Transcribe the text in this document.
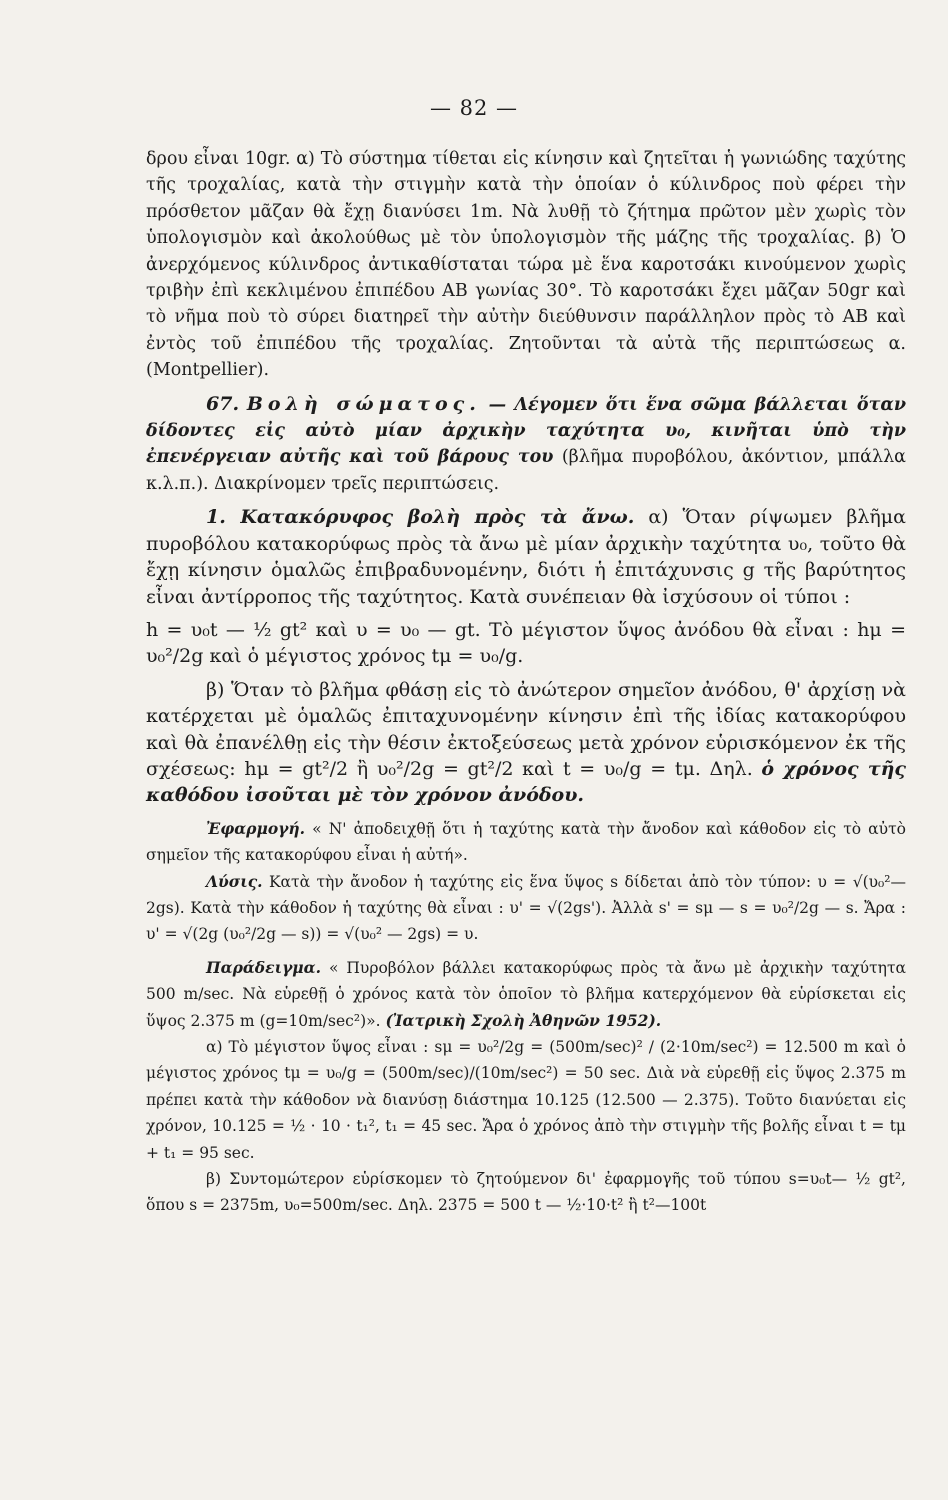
— 82 —

δρου εἶναι 10gr. α) Τὸ σύστημα τίθεται εἰς κίνησιν καὶ ζητεῖται ἡ γωνιώδης ταχύτης τῆς τροχαλίας, κατὰ τὴν στιγμὴν κατὰ τὴν ὁποίαν ὁ κύλινδρος ποὺ φέρει τὴν πρόσθετον μᾶζαν θὰ ἔχῃ διανύσει 1m. Νὰ λυθῇ τὸ ζήτημα πρῶτον μὲν χωρὶς τὸν ὑπολογισμὸν καὶ ἀκολούθως μὲ τὸν ὑπολογισμὸν τῆς μάζης τῆς τροχαλίας. β) Ὁ ἀνερχόμενος κύλινδρος ἀντικαθίσταται τώρα μὲ ἕνα καροτσάκι κινούμενον χωρὶς τριβὴν ἐπὶ κεκλιμένου ἐπιπέδου ΑΒ γωνίας 30°. Τὸ καροτσάκι ἔχει μᾶζαν 50gr καὶ τὸ νῆμα ποὺ τὸ σύρει διατηρεῖ τὴν αὐτὴν διεύθυνσιν παράλληλον πρὸς τὸ ΑΒ καὶ ἐντὸς τοῦ ἐπιπέδου τῆς τροχαλίας. Ζητοῦνται τὰ αὐτὰ τῆς περιπτώσεως α. (Montpellier).

67. Βολὴ σώματος. — Λέγομεν ὅτι ἕνα σῶμα βάλλεται ὅταν δίδοντες εἰς αὐτὸ μίαν ἀρχικὴν ταχύτητα υ₀, κινῆται ὑπὸ τὴν ἐπενέργειαν αὐτῆς καὶ τοῦ βάρους του (βλῆμα πυροβόλου, ἀκόντιον, μπάλλα κ.λ.π.). Διακρίνομεν τρεῖς περιπτώσεις.

1. Κατακόρυφος βολὴ πρὸς τὰ ἄνω. α) Ὅταν ρίψωμεν βλῆμα πυροβόλου κατακορύφως πρὸς τὰ ἄνω μὲ μίαν ἀρχικὴν ταχύτητα υ₀, τοῦτο θὰ ἔχῃ κίνησιν ὁμαλῶς ἐπιβραδυνομένην, διότι ἡ ἐπιτάχυνσις g τῆς βαρύτητος εἶναι ἀντίρροπος τῆς ταχύτητος. Κατὰ συνέπειαν θὰ ἰσχύσουν οἱ τύποι :

h = υ₀t — ½ gt² καὶ υ = υ₀ — gt. Τὸ μέγιστον ὕψος ἀνόδου θὰ εἶναι : hμ = υ₀²/2g καὶ ὁ μέγιστος χρόνος tμ = υ₀/g.

β) Ὅταν τὸ βλῆμα φθάσῃ εἰς τὸ ἀνώτερον σημεῖον ἀνόδου, θ' ἀρχίσῃ νὰ κατέρχεται μὲ ὁμαλῶς ἐπιταχυνομένην κίνησιν ἐπὶ τῆς ἰδίας κατακορύφου καὶ θὰ ἐπανέλθῃ εἰς τὴν θέσιν ἐκτοξεύσεως μετὰ χρόνον εὑρισκόμενον ἐκ τῆς σχέσεως: hμ = gt²/2 ἢ υ₀²/2g = gt²/2 καὶ t = υ₀/g = tμ. Δηλ. ὁ χρόνος τῆς καθόδου ἰσοῦται μὲ τὸν χρόνον ἀνόδου.

Ἐφαρμογή. « Ν' ἀποδειχθῇ ὅτι ἡ ταχύτης κατὰ τὴν ἄνοδον καὶ κάθοδον εἰς τὸ αὐτὸ σημεῖον τῆς κατακορύφου εἶναι ἡ αὐτή».

Λύσις. Κατὰ τὴν ἄνοδον ἡ ταχύτης εἰς ἕνα ὕψος s δίδεται ἀπὸ τὸν τύπον: υ = √(υ₀²—2gs). Κατὰ τὴν κάθοδον ἡ ταχύτης θὰ εἶναι : υ' = √(2gs'). Ἀλλὰ s' = sμ — s = υ₀²/2g — s. Ἄρα : υ' = √(2g (υ₀²/2g — s)) = √(υ₀² — 2gs) = υ.

Παράδειγμα. « Πυροβόλον βάλλει κατακορύφως πρὸς τὰ ἄνω μὲ ἀρχικὴν ταχύτητα 500 m/sec. Νὰ εὑρεθῇ ὁ χρόνος κατὰ τὸν ὁποῖον τὸ βλῆμα κατερχόμενον θὰ εὑρίσκεται εἰς ὕψος 2.375 m (g=10m/sec²)». (Ἰατρικὴ Σχολὴ Ἀθηνῶν 1952).

α) Τὸ μέγιστον ὕψος εἶναι : sμ = υ₀²/2g = (500m/sec)² / (2·10m/sec²) = 12.500 m καὶ ὁ μέγιστος χρόνος tμ = υ₀/g = (500m/sec)/(10m/sec²) = 50 sec. Διὰ νὰ εὑρεθῇ εἰς ὕψος 2.375 m πρέπει κατὰ τὴν κάθοδον νὰ διανύσῃ διάστημα 10.125 (12.500 — 2.375). Τοῦτο διανύεται εἰς χρόνον, 10.125 = ½ · 10 · t₁², t₁ = 45 sec. Ἄρα ὁ χρόνος ἀπὸ τὴν στιγμὴν τῆς βολῆς εἶναι t = tμ + t₁ = 95 sec.

β) Συντομώτερον εὑρίσκομεν τὸ ζητούμενον δι' ἐφαρμογῆς τοῦ τύπου s=υ₀t— ½ gt², ὅπου s = 2375m, υ₀=500m/sec. Δηλ. 2375 = 500 t — ½·10·t² ἢ t²—100t
